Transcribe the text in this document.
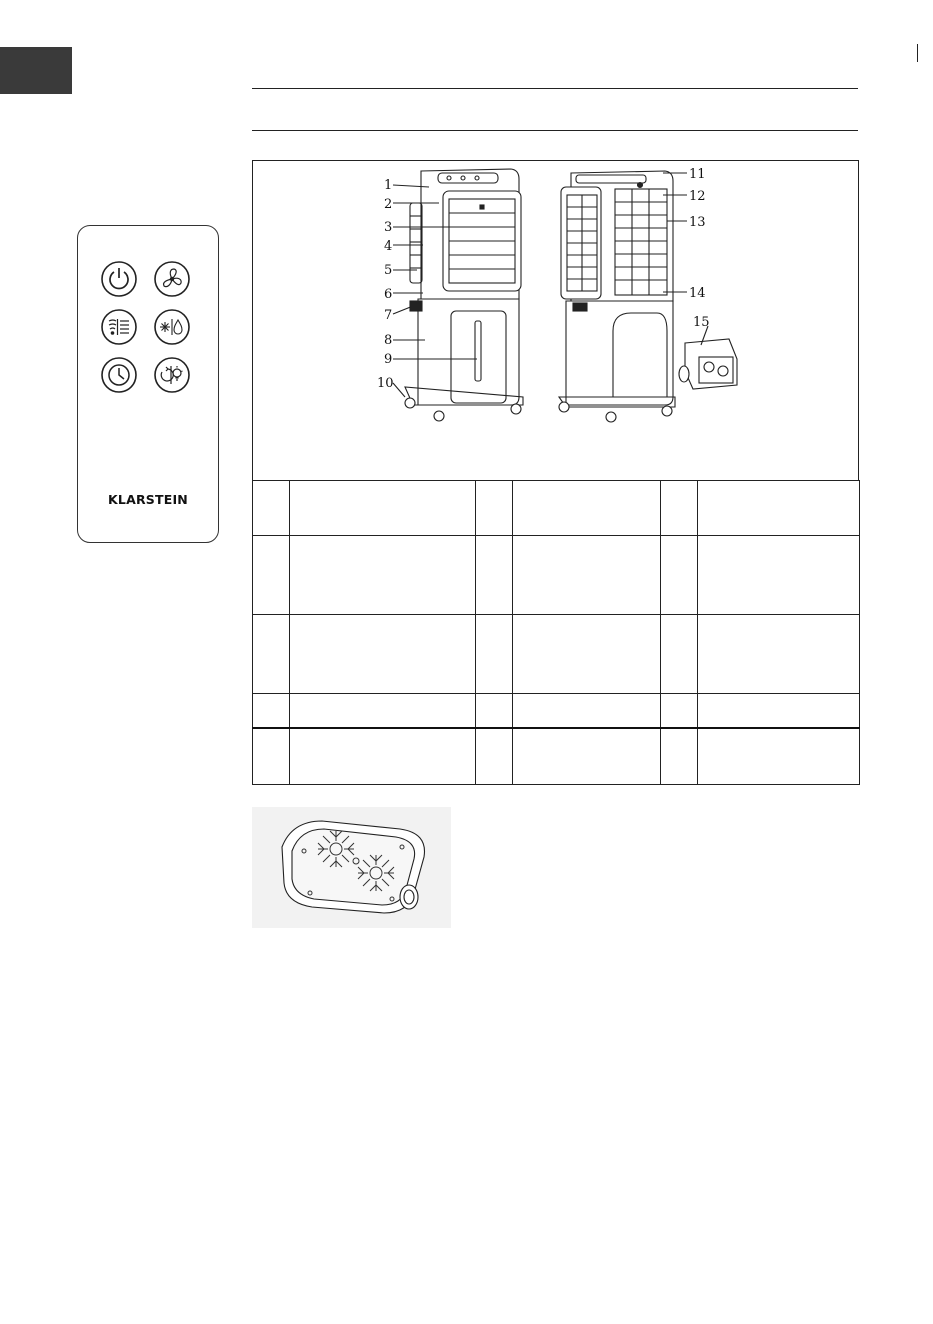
KLARSTEIN
1
2
3
4
5
6
7
8
9
10
11
12
13
14
15
